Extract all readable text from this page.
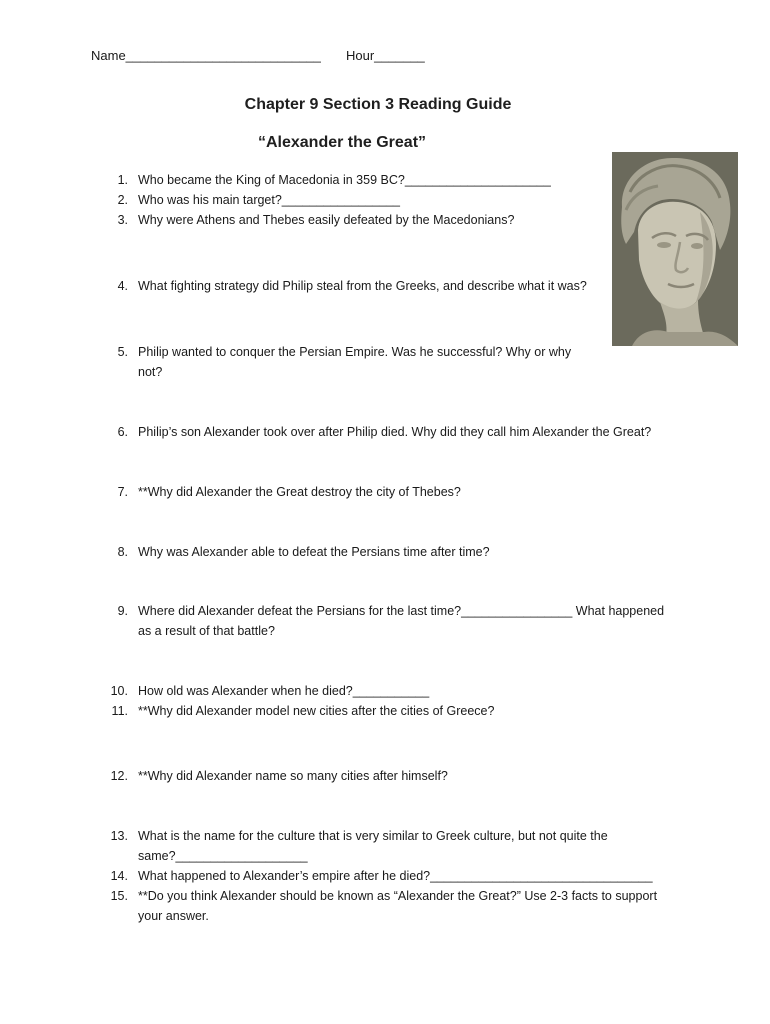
Name___________________________ Hour_______
Chapter 9 Section 3 Reading Guide
“Alexander the Great”
1. Who became the King of Macedonia in 359 BC?_____________________
2. Who was his main target?_________________
3. Why were Athens and Thebes easily defeated by the Macedonians?
4. What fighting strategy did Philip steal from the Greeks, and describe what it was?
5. Philip wanted to conquer the Persian Empire. Was he successful? Why or why
not?
6. Philip’s son Alexander took over after Philip died. Why did they call him Alexander the Great?
7. **Why did Alexander the Great destroy the city of Thebes?
8. Why was Alexander able to defeat the Persians time after time?
9. Where did Alexander defeat the Persians for the last time?________________ What happened
as a result of that battle?
10. How old was Alexander when he died?___________
11. **Why did Alexander model new cities after the cities of Greece?
12. **Why did Alexander name so many cities after himself?
13. What is the name for the culture that is very similar to Greek culture, but not quite the
same?___________________
14. What happened to Alexander’s empire after he died?________________________________
15. **Do you think Alexander should be known as “Alexander the Great?” Use 2-3 facts to support
your answer.
